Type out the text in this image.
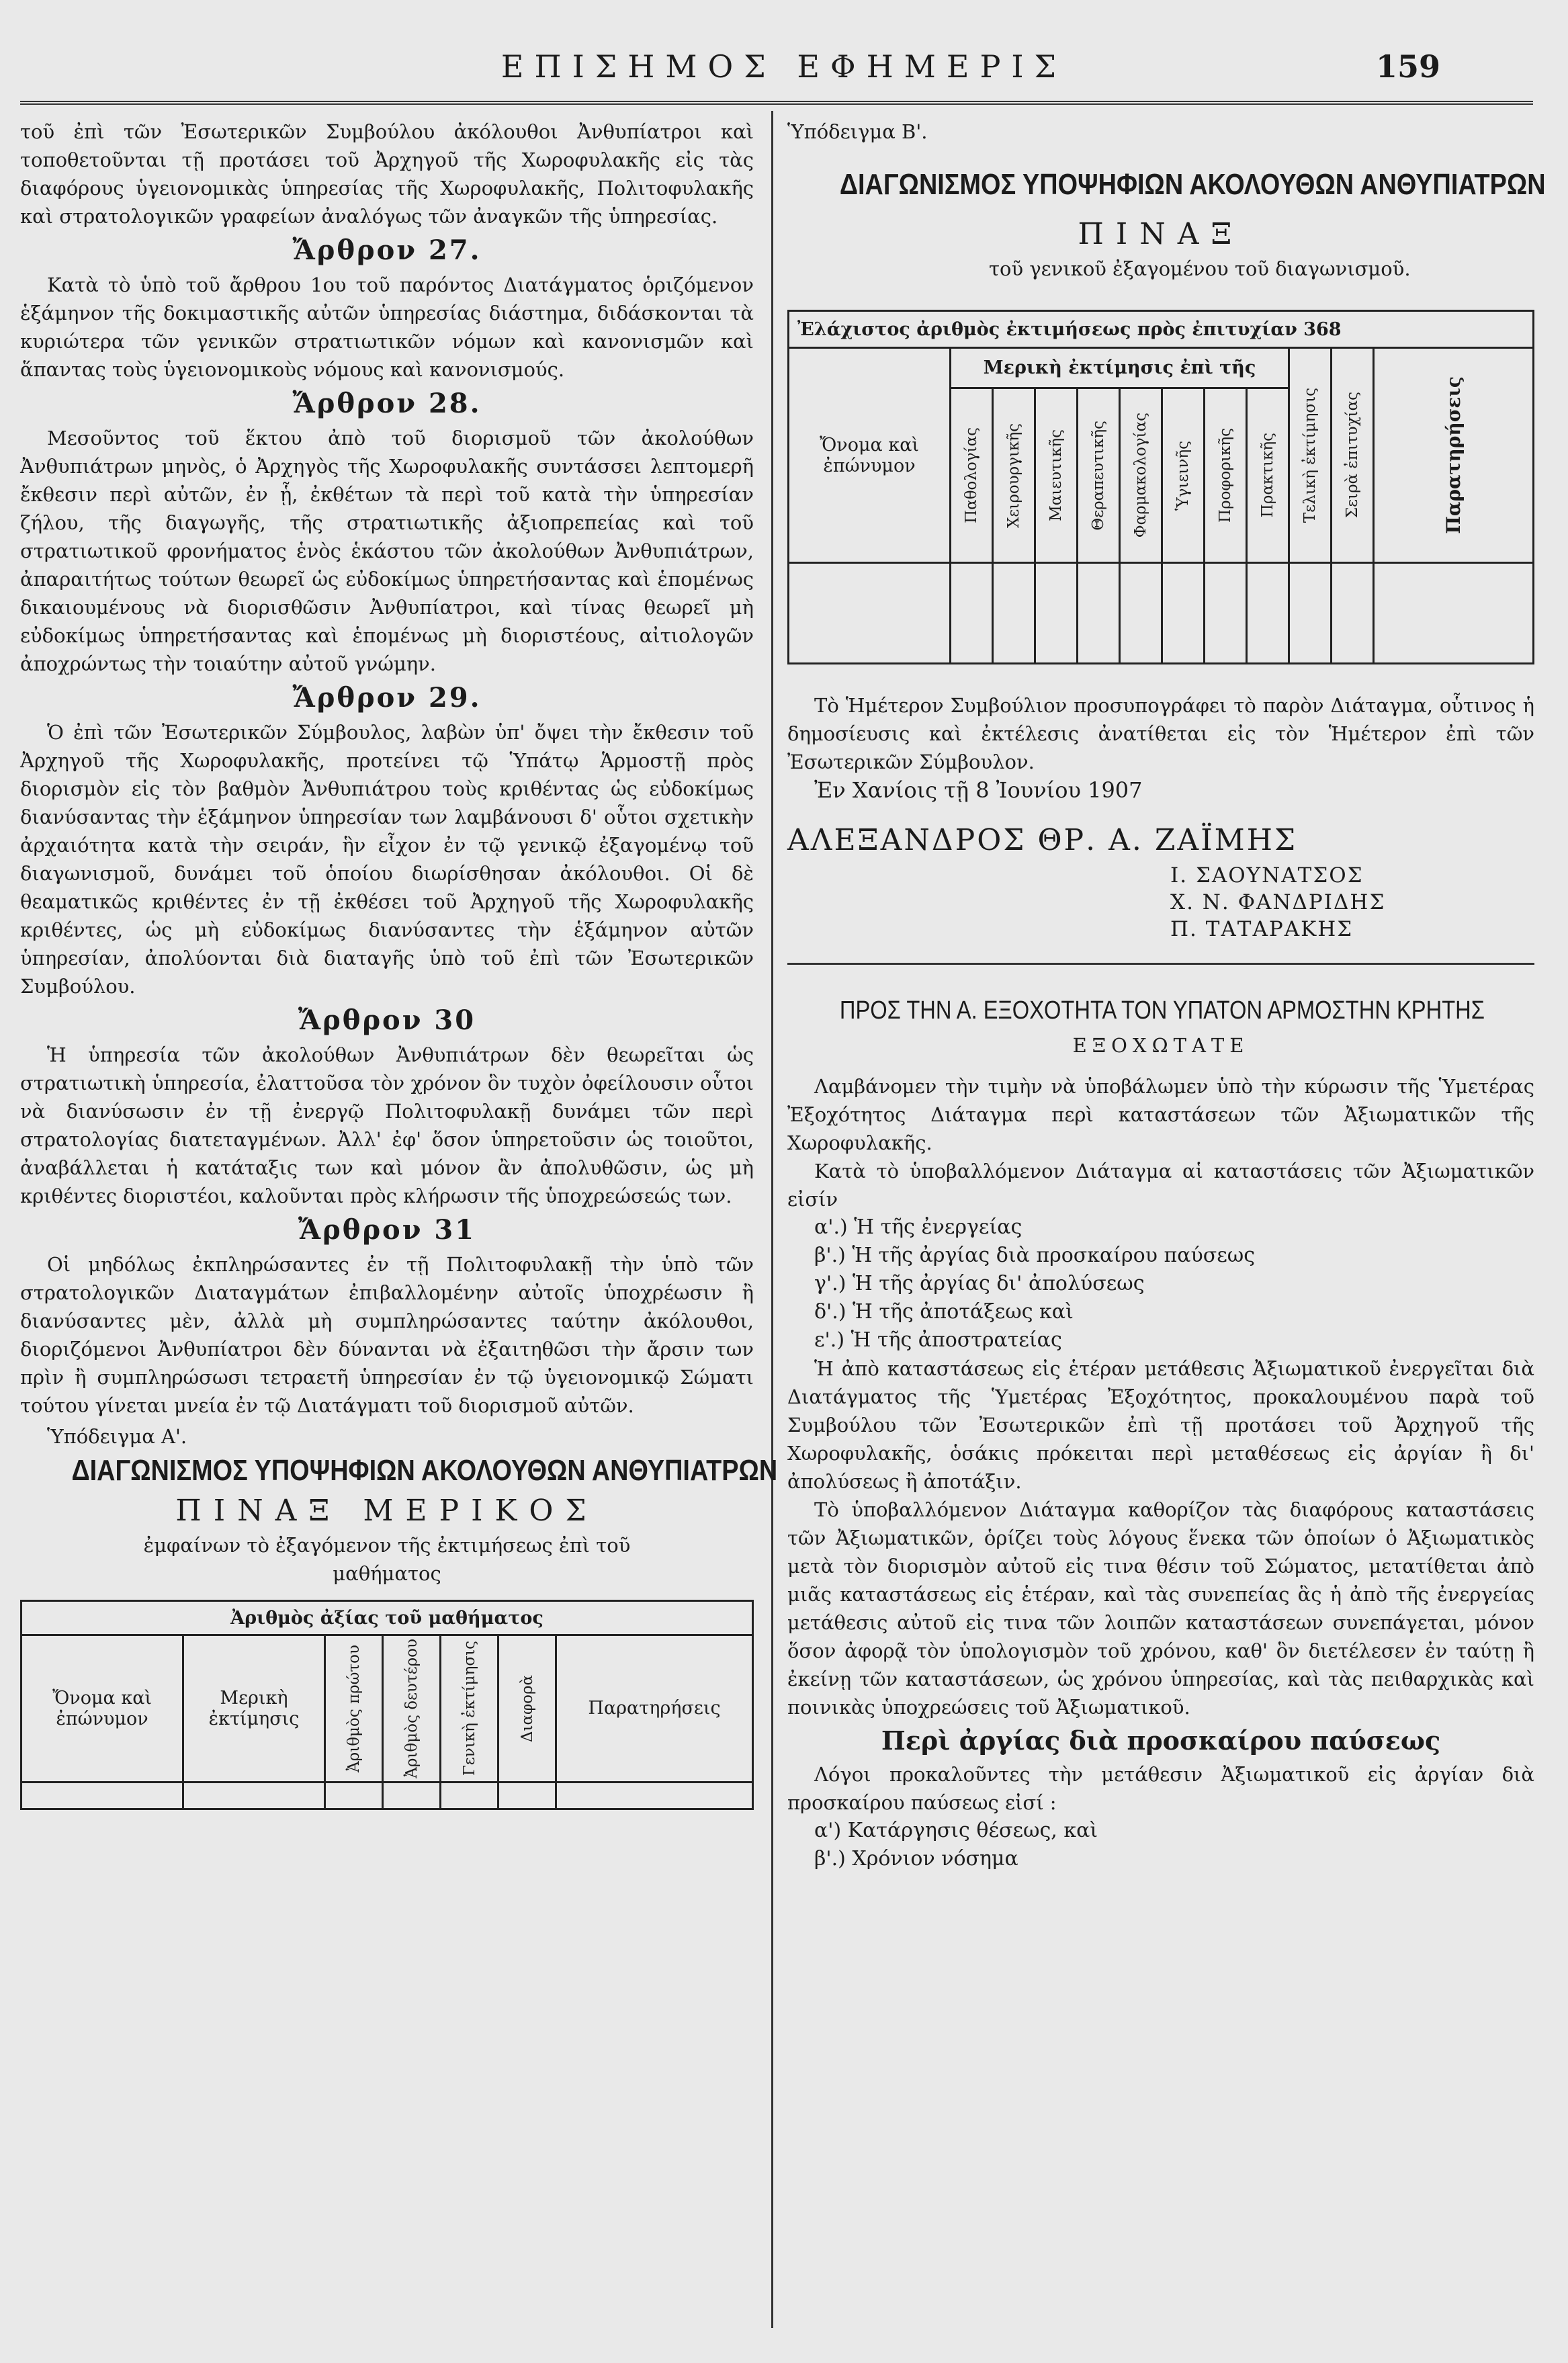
ΕΠΙΣΗΜΟΣ ΕΦΗΜΕΡΙΣ	159

τοῦ ἐπὶ τῶν Ἐσωτερικῶν Συμβούλου ἀκόλουθοι Ἀνθυπίατροι καὶ τοποθετοῦνται τῇ προτάσει τοῦ Ἀρχηγοῦ τῆς Χωροφυλακῆς εἰς τὰς διαφόρους ὑγειονομικὰς ὑπηρεσίας τῆς Χωροφυλακῆς, Πολιτοφυλακῆς καὶ στρατολογικῶν γραφείων ἀναλόγως τῶν ἀναγκῶν τῆς ὑπηρεσίας.

Ἄρθρον 27.

Κατὰ τὸ ὑπὸ τοῦ ἄρθρου 1ου τοῦ παρόντος Διατάγματος ὁριζόμενον ἑξάμηνον τῆς δοκιμαστικῆς αὐτῶν ὑπηρεσίας διάστημα, διδάσκονται τὰ κυριώτερα τῶν γενικῶν στρατιωτικῶν νόμων καὶ κανονισμῶν καὶ ἅπαντας τοὺς ὑγειονομικοὺς νόμους καὶ κανονισμούς.

Ἄρθρον 28.

Μεσοῦντος τοῦ ἕκτου ἀπὸ τοῦ διορισμοῦ τῶν ἀκολούθων Ἀνθυπιάτρων μηνὸς, ὁ Ἀρχηγὸς τῆς Χωροφυλακῆς συντάσσει λεπτομερῆ ἔκθεσιν περὶ αὐτῶν, ἐν ᾗ, ἐκθέτων τὰ περὶ τοῦ κατὰ τὴν ὑπηρεσίαν ζήλου, τῆς διαγωγῆς, τῆς στρατιωτικῆς ἀξιοπρεπείας καὶ τοῦ στρατιωτικοῦ φρονήματος ἑνὸς ἑκάστου τῶν ἀκολούθων Ἀνθυπιάτρων, ἀπαραιτήτως τούτων θεωρεῖ ὡς εὐδοκίμως ὑπηρετήσαντας καὶ ἑπομένως δικαιουμένους νὰ διορισθῶσιν Ἀνθυπίατροι, καὶ τίνας θεωρεῖ μὴ εὐδοκίμως ὑπηρετήσαντας καὶ ἑπομένως μὴ διοριστέους, αἰτιολογῶν ἀποχρώντως τὴν τοιαύτην αὐτοῦ γνώμην.

Ἄρθρον 29.

Ὁ ἐπὶ τῶν Ἐσωτερικῶν Σύμβουλος, λαβὼν ὑπ' ὄψει τὴν ἔκθεσιν τοῦ Ἀρχηγοῦ τῆς Χωροφυλακῆς, προτείνει τῷ Ὑπάτῳ Ἁρμοστῇ πρὸς διορισμὸν εἰς τὸν βαθμὸν Ἀνθυπιάτρου τοὺς κριθέντας ὡς εὐδοκίμως διανύσαντας τὴν ἑξάμηνον ὑπηρεσίαν των λαμβάνουσι δ' οὗτοι σχετικὴν ἀρχαιότητα κατὰ τὴν σειράν, ἣν εἶχον ἐν τῷ γενικῷ ἐξαγομένῳ τοῦ διαγωνισμοῦ, δυνάμει τοῦ ὁποίου διωρίσθησαν ἀκόλουθοι. Οἱ δὲ θεαματικῶς κριθέντες ἐν τῇ ἐκθέσει τοῦ Ἀρχηγοῦ τῆς Χωροφυλακῆς κριθέντες, ὡς μὴ εὐδοκίμως διανύσαντες τὴν ἑξάμηνον αὐτῶν ὑπηρεσίαν, ἀπολύονται διὰ διαταγῆς ὑπὸ τοῦ ἐπὶ τῶν Ἐσωτερικῶν Συμβούλου.

Ἄρθρον 30

Ἡ ὑπηρεσία τῶν ἀκολούθων Ἀνθυπιάτρων δὲν θεωρεῖται ὡς στρατιωτικὴ ὑπηρεσία, ἐλαττοῦσα τὸν χρόνον ὃν τυχὸν ὀφείλουσιν οὗτοι νὰ διανύσωσιν ἐν τῇ ἐνεργῷ Πολιτοφυλακῇ δυνάμει τῶν περὶ στρατολογίας διατεταγμένων. Ἀλλ' ἐφ' ὅσον ὑπηρετοῦσιν ὡς τοιοῦτοι, ἀναβάλλεται ἡ κατάταξις των καὶ μόνον ἂν ἀπολυθῶσιν, ὡς μὴ κριθέντες διοριστέοι, καλοῦνται πρὸς κλήρωσιν τῆς ὑποχρεώσεώς των.

Ἄρθρον 31

Οἱ μηδόλως ἐκπληρώσαντες ἐν τῇ Πολιτοφυλακῇ τὴν ὑπὸ τῶν στρατολογικῶν Διαταγμάτων ἐπιβαλλομένην αὐτοῖς ὑποχρέωσιν ἢ διανύσαντες μὲν, ἀλλὰ μὴ συμπληρώσαντες ταύτην ἀκόλουθοι, διοριζόμενοι Ἀνθυπίατροι δὲν δύνανται νὰ ἐξαιτηθῶσι τὴν ἄρσιν των πρὶν ἢ συμπληρώσωσι τετραετῆ ὑπηρεσίαν ἐν τῷ ὑγειονομικῷ Σώματι τούτου γίνεται μνεία ἐν τῷ Διατάγματι τοῦ διορισμοῦ αὐτῶν.

Ὑπόδειγμα Α'.

ΔΙΑΓΩΝΙΣΜΟΣ ΥΠΟΨΗΦΙΩΝ ΑΚΟΛΟΥΘΩΝ ΑΝΘΥΠΙΑΤΡΩΝ
ΠΙΝΑΞ ΜΕΡΙΚΟΣ
ἐμφαίνων τὸ ἐξαγόμενον τῆς ἐκτιμήσεως ἐπὶ τοῦ μαθήματος
Ἀριθμὸς ἀξίας τοῦ μαθήματος						
Ὄνομα καὶ ἐπώνυμον	Μερικὴ ἐκτίμησις	Ἀριθμὸς πρώτου	Ἀριθμὸς δευτέρου	Γενικὴ ἐκτίμησις	Διαφορὰ	Παρατηρήσεις

Ὑπόδειγμα Β'.

ΔΙΑΓΩΝΙΣΜΟΣ ΥΠΟΨΗΦΙΩΝ ΑΚΟΛΟΥΘΩΝ ΑΝΘΥΠΙΑΤΡΩΝ
ΠΙΝΑΞ
τοῦ γενικοῦ ἐξαγομένου τοῦ διαγωνισμοῦ.
Ἐλάχιστος ἀριθμὸς ἐκτιμήσεως πρὸς ἐπιτυχίαν 368											
Ὄνομα καὶ ἐπώνυμον	Μερικὴ ἐκτίμησις ἐπὶ τῆς								Τελικὴ ἐκτίμησις	Σειρὰ ἐπιτυχίας	Παρατηρήσεις

	Παθολογίας	Χειρουργικῆς	Μαιευτικῆς	Θεραπευτικῆς	Φαρμακολογίας	Ὑγιεινῆς	Προφορικῆς	Πρακτικῆς			

Τὸ Ἡμέτερον Συμβούλιον προσυπογράφει τὸ παρὸν Διάταγμα, οὗτινος ἡ δημοσίευσις καὶ ἐκτέλεσις ἀνατίθεται εἰς τὸν Ἡμέτερον ἐπὶ τῶν Ἐσωτερικῶν Σύμβουλον.

Ἐν Χανίοις τῇ 8 Ἰουνίου 1907

ΑΛΕΞΑΝΔΡΟΣ ΘΡ. Α. ΖΑΪΜΗΣ
Ι. ΣΑΟΥΝΑΤΣΟΣ
Χ. Ν. ΦΑΝΔΡΙΔΗΣ
Π. ΤΑΤΑΡΑΚΗΣ
ΠΡΟΣ ΤΗΝ Α. ΕΞΟΧΟΤΗΤΑ ΤΟΝ ΥΠΑΤΟΝ ΑΡΜΟΣΤΗΝ ΚΡΗΤΗΣ
ΕΞΟΧΩΤΑΤΕ

Λαμβάνομεν τὴν τιμὴν νὰ ὑποβάλωμεν ὑπὸ τὴν κύρωσιν τῆς Ὑμετέρας Ἐξοχότητος Διάταγμα περὶ καταστάσεων τῶν Ἀξιωματικῶν τῆς Χωροφυλακῆς.

Κατὰ τὸ ὑποβαλλόμενον Διάταγμα αἱ καταστάσεις τῶν Ἀξιωματικῶν εἰσίν

α'.) Ἡ τῆς ἐνεργείας
β'.) Ἡ τῆς ἀργίας διὰ προσκαίρου παύσεως
γ'.) Ἡ τῆς ἀργίας δι' ἀπολύσεως
δ'.) Ἡ τῆς ἀποτάξεως καὶ
ε'.) Ἡ τῆς ἀποστρατείας

Ἡ ἀπὸ καταστάσεως εἰς ἑτέραν μετάθεσις Ἀξιωματικοῦ ἐνεργεῖται διὰ Διατάγματος τῆς Ὑμετέρας Ἐξοχότητος, προκαλουμένου παρὰ τοῦ Συμβούλου τῶν Ἐσωτερικῶν ἐπὶ τῇ προτάσει τοῦ Ἀρχηγοῦ τῆς Χωροφυλακῆς, ὁσάκις πρόκειται περὶ μεταθέσεως εἰς ἀργίαν ἢ δι' ἀπολύσεως ἢ ἀποτάξιν.

Τὸ ὑποβαλλόμενον Διάταγμα καθορίζον τὰς διαφόρους καταστάσεις τῶν Ἀξιωματικῶν, ὁρίζει τοὺς λόγους ἕνεκα τῶν ὁποίων ὁ Ἀξιωματικὸς μετὰ τὸν διορισμὸν αὐτοῦ εἰς τινα θέσιν τοῦ Σώματος, μετατίθεται ἀπὸ μιᾶς καταστάσεως εἰς ἑτέραν, καὶ τὰς συνεπείας ἃς ἡ ἀπὸ τῆς ἐνεργείας μετάθεσις αὐτοῦ εἰς τινα τῶν λοιπῶν καταστάσεων συνεπάγεται, μόνον ὅσον ἀφορᾷ τὸν ὑπολογισμὸν τοῦ χρόνου, καθ' ὃν διετέλεσεν ἐν ταύτῃ ἢ ἐκείνῃ τῶν καταστάσεων, ὡς χρόνου ὑπηρεσίας, καὶ τὰς πειθαρχικὰς καὶ ποινικὰς ὑποχρεώσεις τοῦ Ἀξιωματικοῦ.

Περὶ ἀργίας διὰ προσκαίρου παύσεως

Λόγοι προκαλοῦντες τὴν μετάθεσιν Ἀξιωματικοῦ εἰς ἀργίαν διὰ προσκαίρου παύσεως εἰσί :

α') Κατάργησις θέσεως, καὶ
β'.) Χρόνιον νόσημα
